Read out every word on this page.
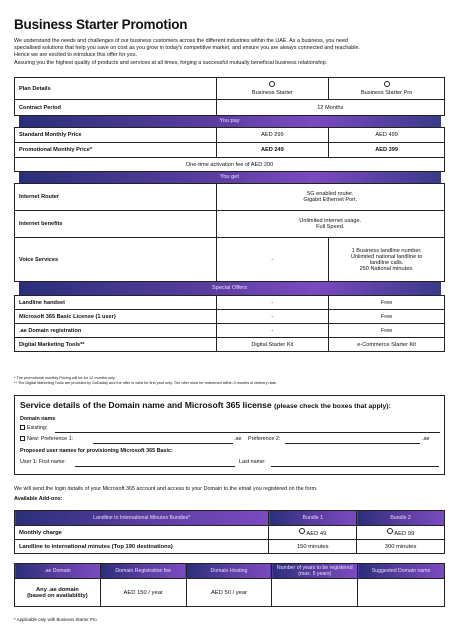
Business Starter Promotion

We understand the needs and challenges of our business customers across the different industries within the UAE. As a business, you need

specialised solutions that help you save on cost as you grow in today's competitive market, and ensure you are always connected and reachable.

Hence we are excited to introduce this offer for you.

Assuring you the highest quality of products and services at all times, forging a successful mutually beneficial business relationship.

Plan Details	Business Starter	Business Starter Pro
Contract Period	12 Months	

You pay		

Standard Monthly Price	AED 299	AED 499
Promotional Monthly Price*	AED 249	AED 399
One-time activation fee of AED 200		

You get		

Internet Router	5G enabled router.
Gigabit Ethernet Port.	

Internet benefits	Unlimited internet usage.
Full Speed.	

Voice Services	-	1 Business landline number.
Unlimited national landline to
landline calls.
250 National minutes.

Special Offers		

Landline handset	-	Free
Microsoft 365 Basic License (1 user)	-	Free
.ae Domain registration	-	Free
Digital Marketing Tools**	Digital Starter Kit	e-Commerce Starter Kit
* The promotional monthly Pricing will be for 12 months only.
** The Digital Marketing Tools are provided by GoDaddy and the offer is valid for first year only. The offer must be redeemed within 3 months of delivery date.
Service details of the Domain name and Microsoft 365 license (please check the boxes that apply):
Domain name
Existing:
New: Preference 1:	.ae Preference 2:	.ae
Proposed user names for provisioning Microsoft 365 Basic:
User 1: First name:	Last name:
We will send the login details of your Microsoft 365 account and access to your Domain to the email you registered on the form.
Available Add-ons:
Landline to International Minutes Bundles*	Bundle 1	Bundle 2
Monthly charge	AED 49	AED 99
Landline to international minutes (Top 190 destinations)	150 minutes	300 minutes
.ae Domain	Domain Registration fee	Domain Hosting	Number of years to be registered (max. 5 years)	Suggested Domain name

Any .ae domain
(based on availability)	AED 150 / year	AED 50 / year		
* Applicable only with Business Starter Pro
